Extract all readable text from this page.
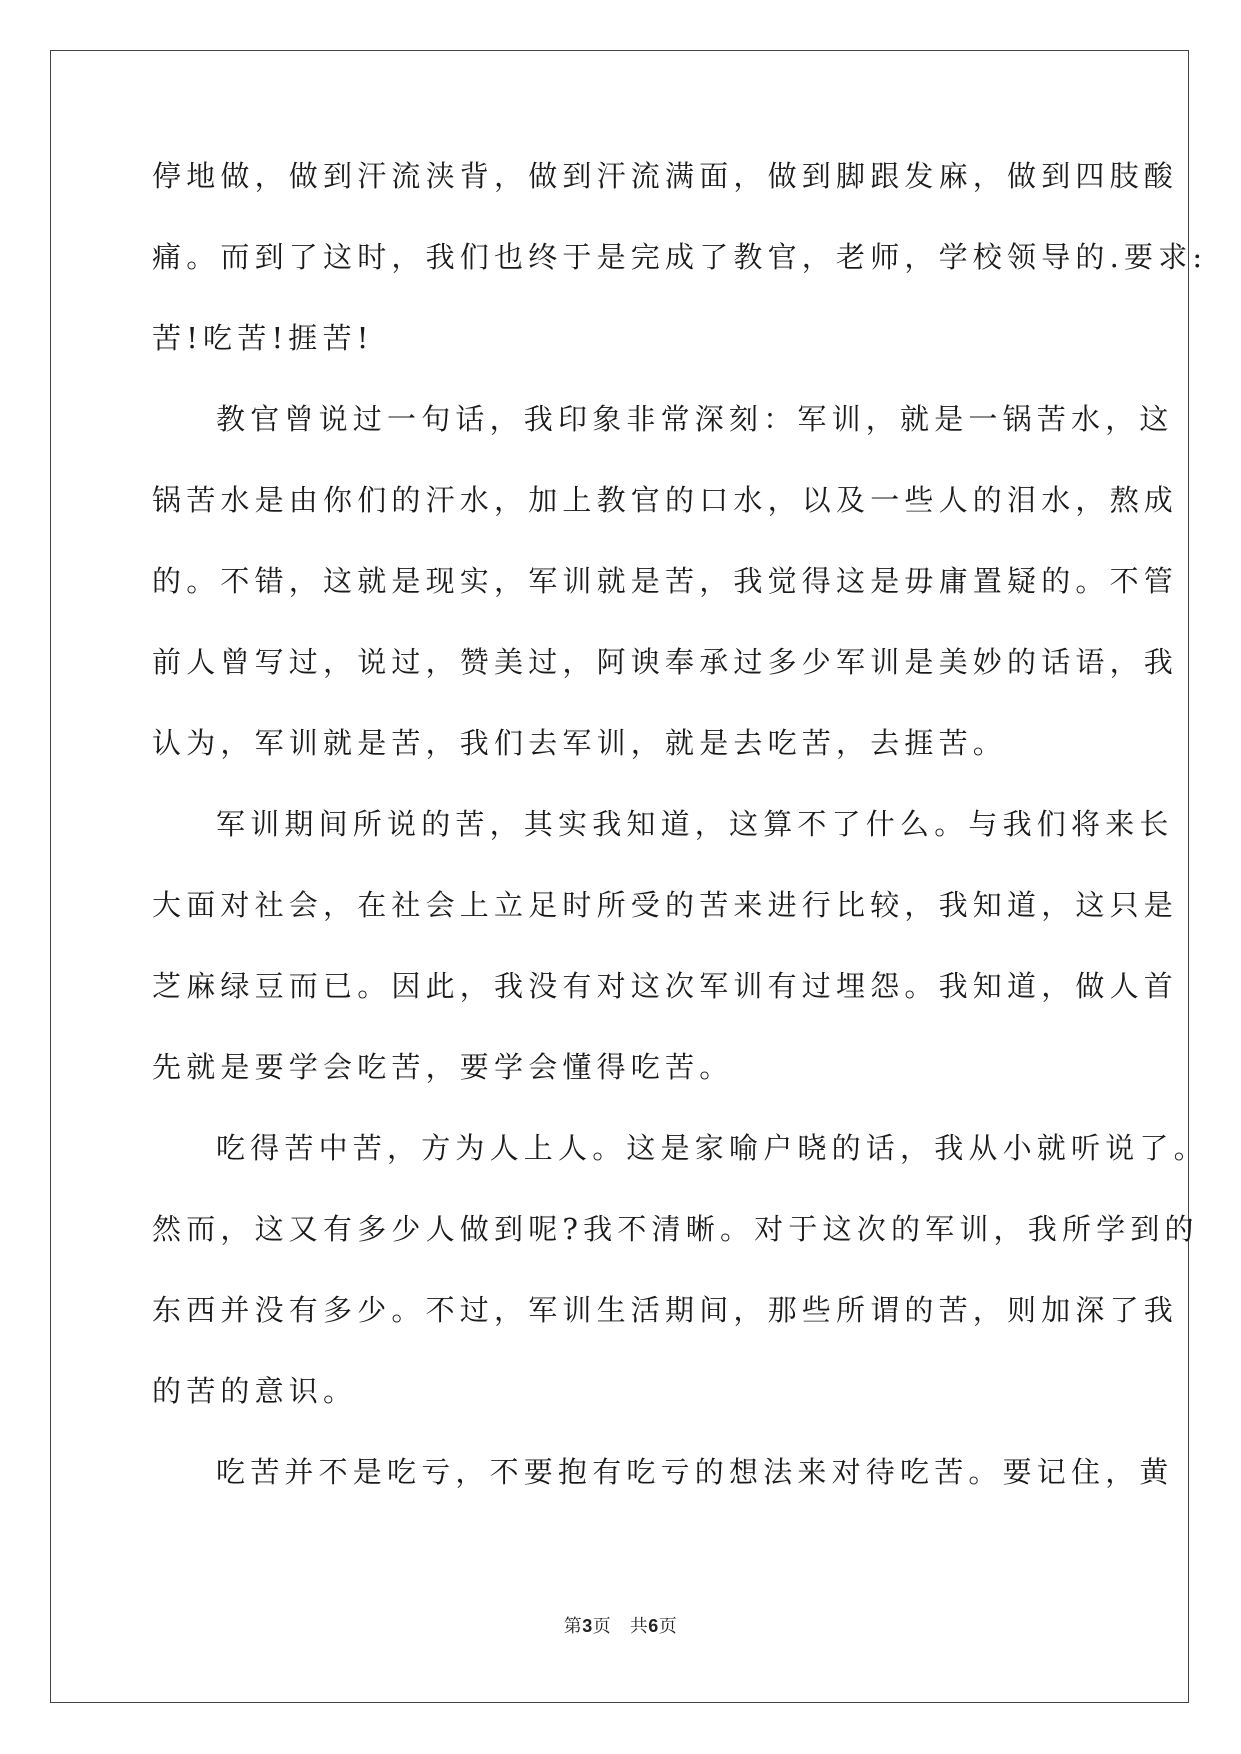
停地做，做到汗流浃背，做到汗流满面，做到脚跟发麻，做到四肢酸
痛。而到了这时，我们也终于是完成了教官，老师，学校领导的.要求:
苦!吃苦!捱苦!
教官曾说过一句话，我印象非常深刻：军训，就是一锅苦水，这
锅苦水是由你们的汗水，加上教官的口水，以及一些人的泪水，熬成
的。不错，这就是现实，军训就是苦，我觉得这是毋庸置疑的。不管
前人曾写过，说过，赞美过，阿谀奉承过多少军训是美妙的话语，我
认为，军训就是苦，我们去军训，就是去吃苦，去捱苦。
军训期间所说的苦，其实我知道，这算不了什么。与我们将来长
大面对社会，在社会上立足时所受的苦来进行比较，我知道，这只是
芝麻绿豆而已。因此，我没有对这次军训有过埋怨。我知道，做人首
先就是要学会吃苦，要学会懂得吃苦。
吃得苦中苦，方为人上人。这是家喻户晓的话，我从小就听说了。
然而，这又有多少人做到呢?我不清晰。对于这次的军训，我所学到的
东西并没有多少。不过，军训生活期间，那些所谓的苦，则加深了我
的苦的意识。
吃苦并不是吃亏，不要抱有吃亏的想法来对待吃苦。要记住，黄
第3页　共6页
